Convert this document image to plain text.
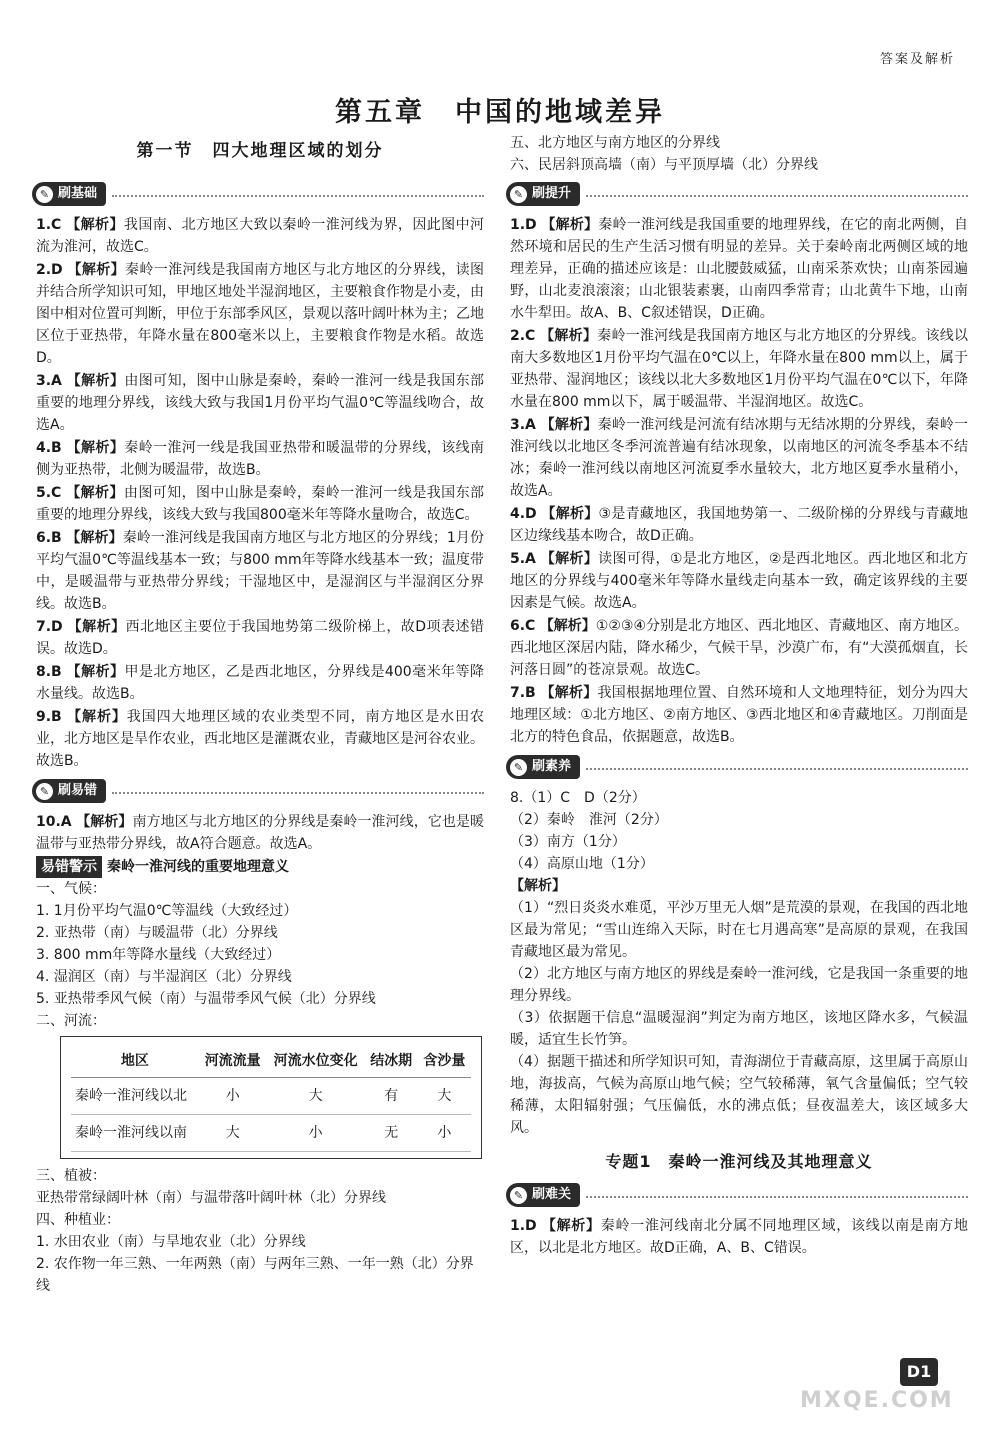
答案及解析
第五章　中国的地域差异
第一节　四大地理区域的划分
✎ 刷基础

1.C 【解析】我国南、北方地区大致以秦岭一淮河线为界，因此图中河流为淮河，故选C。

2.D 【解析】秦岭一淮河线是我国南方地区与北方地区的分界线，读图并结合所学知识可知，甲地区地处半湿润地区，主要粮食作物是小麦，由图中相对位置可判断，甲位于东部季风区，景观以落叶阔叶林为主；乙地区位于亚热带，年降水量在800毫米以上，主要粮食作物是水稻。故选D。

3.A 【解析】由图可知，图中山脉是秦岭，秦岭一淮河一线是我国东部重要的地理分界线，该线大致与我国1月份平均气温0℃等温线吻合，故选A。

4.B 【解析】秦岭一淮河一线是我国亚热带和暖温带的分界线，该线南侧为亚热带，北侧为暖温带，故选B。

5.C 【解析】由图可知，图中山脉是秦岭，秦岭一淮河一线是我国东部重要的地理分界线，该线大致与我国800毫米年等降水量吻合，故选C。

6.B 【解析】秦岭一淮河线是我国南方地区与北方地区的分界线；1月份平均气温0℃等温线基本一致；与800 mm年等降水线基本一致；温度带中，是暖温带与亚热带分界线；干湿地区中，是湿润区与半湿润区分界线。故选B。

7.D 【解析】西北地区主要位于我国地势第二级阶梯上，故D项表述错误。故选D。

8.B 【解析】甲是北方地区，乙是西北地区，分界线是400毫米年等降水量线。故选B。

9.B 【解析】我国四大地理区域的农业类型不同，南方地区是水田农业，北方地区是旱作农业，西北地区是灌溉农业，青藏地区是河谷农业。故选B。

✎ 刷易错

10.A 【解析】南方地区与北方地区的分界线是秦岭一淮河线，它也是暖温带与亚热带分界线，故A符合题意。故选A。

易错警示 秦岭一淮河线的重要地理意义

一、气候：

1. 1月份平均气温0℃等温线（大致经过）

2. 亚热带（南）与暖温带（北）分界线

3. 800 mm年等降水量线（大致经过）

4. 湿润区（南）与半湿润区（北）分界线

5. 亚热带季风气候（南）与温带季风气候（北）分界线

二、河流：

地区	河流流量	河流水位变化	结冰期	含沙量
秦岭一淮河线以北	小	大	有	大
秦岭一淮河线以南	大	小	无	小

三、植被：

亚热带常绿阔叶林（南）与温带落叶阔叶林（北）分界线

四、种植业：

1. 水田农业（南）与旱地农业（北）分界线

2. 农作物一年三熟、一年两熟（南）与两年三熟、一年一熟（北）分界线

五、北方地区与南方地区的分界线

六、民居斜顶高墙（南）与平顶厚墙（北）分界线

✎ 刷提升

1.D 【解析】秦岭一淮河线是我国重要的地理界线，在它的南北两侧，自然环境和居民的生产生活习惯有明显的差异。关于秦岭南北两侧区域的地理差异，正确的描述应该是：山北腰鼓威猛，山南采茶欢快；山南茶园遍野，山北麦浪滚滚；山北银装素裹，山南四季常青；山北黄牛下地，山南水牛犁田。故A、B、C叙述错误，D正确。

2.C 【解析】秦岭一淮河线是我国南方地区与北方地区的分界线。该线以南大多数地区1月份平均气温在0℃以上，年降水量在800 mm以上，属于亚热带、湿润地区；该线以北大多数地区1月份平均气温在0℃以下，年降水量在800 mm以下，属于暖温带、半湿润地区。故选C。

3.A 【解析】秦岭一淮河线是河流有结冰期与无结冰期的分界线，秦岭一淮河线以北地区冬季河流普遍有结冰现象，以南地区的河流冬季基本不结冰；秦岭一淮河线以南地区河流夏季水量较大，北方地区夏季水量稍小，故选A。

4.D 【解析】③是青藏地区，我国地势第一、二级阶梯的分界线与青藏地区边缘线基本吻合，故D正确。

5.A 【解析】读图可得，①是北方地区，②是西北地区。西北地区和北方地区的分界线与400毫米年等降水量线走向基本一致，确定该界线的主要因素是气候。故选A。

6.C 【解析】①②③④分别是北方地区、西北地区、青藏地区、南方地区。西北地区深居内陆，降水稀少，气候干旱，沙漠广布，有“大漠孤烟直，长河落日圆”的苍凉景观。故选C。

7.B 【解析】我国根据地理位置、自然环境和人文地理特征，划分为四大地理区域：①北方地区、②南方地区、③西北地区和④青藏地区。刀削面是北方的特色食品，依据题意，故选B。

✎ 刷素养

8.（1）C　D（2分）

（2）秦岭　淮河（2分）

（3）南方（1分）

（4）高原山地（1分）

【解析】

（1）“烈日炎炎水难觅，平沙万里无人烟”是荒漠的景观，在我国的西北地区最为常见；“雪山连绵入天际，时在七月遇高寒”是高原的景观，在我国青藏地区最为常见。

（2）北方地区与南方地区的界线是秦岭一淮河线，它是我国一条重要的地理分界线。

（3）依据题干信息“温暖湿润”判定为南方地区，该地区降水多，气候温暖，适宜生长竹笋。

（4）据题干描述和所学知识可知，青海湖位于青藏高原，这里属于高原山地，海拔高，气候为高原山地气候；空气较稀薄，氧气含量偏低；空气较稀薄，太阳辐射强；气压偏低，水的沸点低；昼夜温差大，该区域多大风。

专题1　秦岭一淮河线及其地理意义
✎ 刷难关

1.D 【解析】秦岭一淮河线南北分属不同地理区域，该线以南是南方地区，以北是北方地区。故D正确，A、B、C错误。

D1
MXQE.COM
